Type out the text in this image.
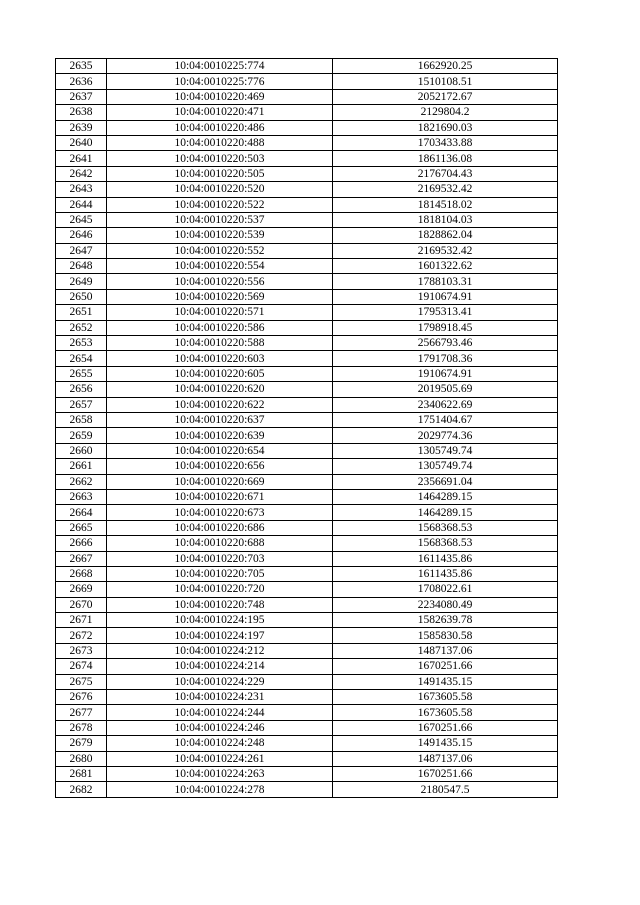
2635	10:04:0010225:774	1662920.25
2636	10:04:0010225:776	1510108.51
2637	10:04:0010220:469	2052172.67
2638	10:04:0010220:471	2129804.2
2639	10:04:0010220:486	1821690.03
2640	10:04:0010220:488	1703433.88
2641	10:04:0010220:503	1861136.08
2642	10:04:0010220:505	2176704.43
2643	10:04:0010220:520	2169532.42
2644	10:04:0010220:522	1814518.02
2645	10:04:0010220:537	1818104.03
2646	10:04:0010220:539	1828862.04
2647	10:04:0010220:552	2169532.42
2648	10:04:0010220:554	1601322.62
2649	10:04:0010220:556	1788103.31
2650	10:04:0010220:569	1910674.91
2651	10:04:0010220:571	1795313.41
2652	10:04:0010220:586	1798918.45
2653	10:04:0010220:588	2566793.46
2654	10:04:0010220:603	1791708.36
2655	10:04:0010220:605	1910674.91
2656	10:04:0010220:620	2019505.69
2657	10:04:0010220:622	2340622.69
2658	10:04:0010220:637	1751404.67
2659	10:04:0010220:639	2029774.36
2660	10:04:0010220:654	1305749.74
2661	10:04:0010220:656	1305749.74
2662	10:04:0010220:669	2356691.04
2663	10:04:0010220:671	1464289.15
2664	10:04:0010220:673	1464289.15
2665	10:04:0010220:686	1568368.53
2666	10:04:0010220:688	1568368.53
2667	10:04:0010220:703	1611435.86
2668	10:04:0010220:705	1611435.86
2669	10:04:0010220:720	1708022.61
2670	10:04:0010220:748	2234080.49
2671	10:04:0010224:195	1582639.78
2672	10:04:0010224:197	1585830.58
2673	10:04:0010224:212	1487137.06
2674	10:04:0010224:214	1670251.66
2675	10:04:0010224:229	1491435.15
2676	10:04:0010224:231	1673605.58
2677	10:04:0010224:244	1673605.58
2678	10:04:0010224:246	1670251.66
2679	10:04:0010224:248	1491435.15
2680	10:04:0010224:261	1487137.06
2681	10:04:0010224:263	1670251.66
2682	10:04:0010224:278	2180547.5
